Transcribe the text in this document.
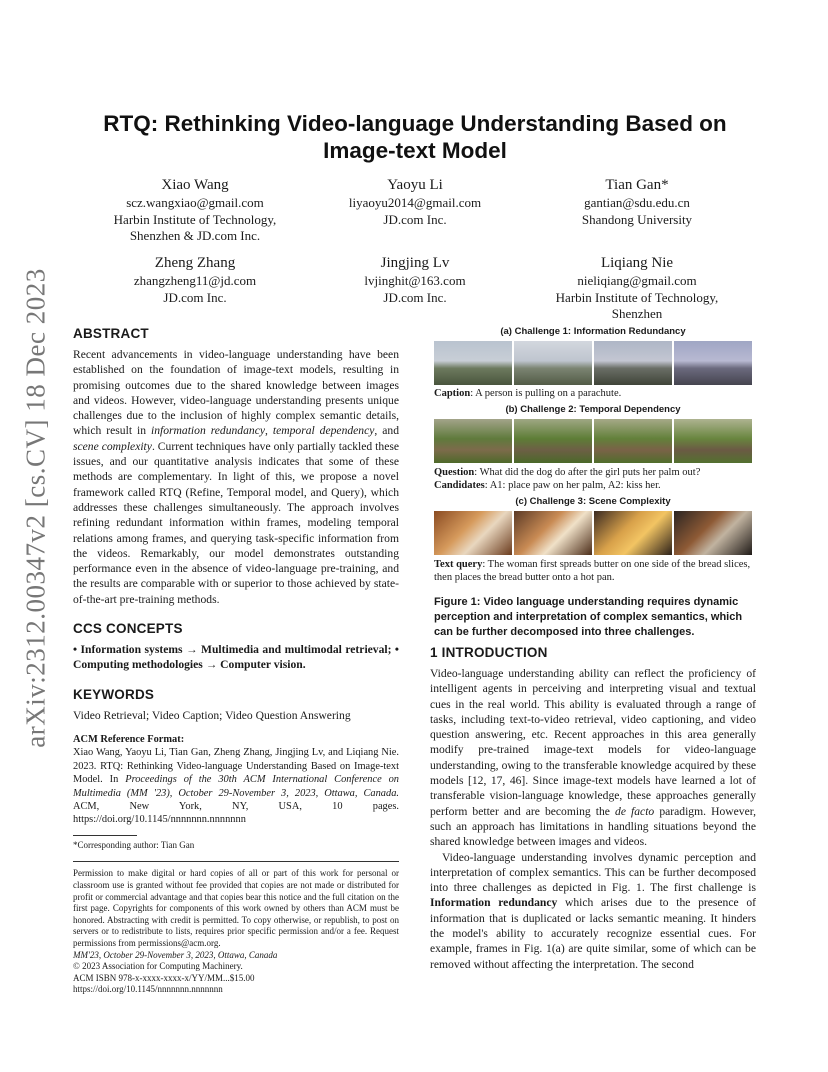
arXiv:2312.00347v2 [cs.CV] 18 Dec 2023
RTQ: Rethinking Video-language Understanding Based on
Image-text Model
Xiao Wang
scz.wangxiao@gmail.com
Harbin Institute of Technology,
Shenzhen & JD.com Inc.
Yaoyu Li
liyaoyu2014@gmail.com
JD.com Inc.
Tian Gan*
gantian@sdu.edu.cn
Shandong University
Zheng Zhang
zhangzheng11@jd.com
JD.com Inc.
Jingjing Lv
lvjinghit@163.com
JD.com Inc.
Liqiang Nie
nieliqiang@gmail.com
Harbin Institute of Technology,
Shenzhen
ABSTRACT
Recent advancements in video-language understanding have been established on the foundation of image-text models, resulting in promising outcomes due to the shared knowledge between images and videos. However, video-language understanding presents unique challenges due to the inclusion of highly complex semantic details, which result in information redundancy, temporal dependency, and scene complexity. Current techniques have only partially tackled these issues, and our quantitative analysis indicates that some of these methods are complementary. In light of this, we propose a novel framework called RTQ (Refine, Temporal model, and Query), which addresses these challenges simultaneously. The approach involves refining redundant information within frames, modeling temporal relations among frames, and querying task-specific information from the videos. Remarkably, our model demonstrates outstanding performance even in the absence of video-language pre-training, and the results are comparable with or superior to those achieved by state-of-the-art pre-training methods.
CCS CONCEPTS
• Information systems → Multimedia and multimodal retrieval; • Computing methodologies → Computer vision.
KEYWORDS
Video Retrieval; Video Caption; Video Question Answering
ACM Reference Format:
Xiao Wang, Yaoyu Li, Tian Gan, Zheng Zhang, Jingjing Lv, and Liqiang Nie. 2023. RTQ: Rethinking Video-language Understanding Based on Image-text Model. In Proceedings of the 30th ACM International Conference on Multimedia (MM '23), October 29-November 3, 2023, Ottawa, Canada. ACM, New York, NY, USA, 10 pages. https://doi.org/10.1145/nnnnnnn.nnnnnnn
*Corresponding author: Tian Gan
Permission to make digital or hard copies of all or part of this work for personal or classroom use is granted without fee provided that copies are not made or distributed for profit or commercial advantage and that copies bear this notice and the full citation on the first page. Copyrights for components of this work owned by others than ACM must be honored. Abstracting with credit is permitted. To copy otherwise, or republish, to post on servers or to redistribute to lists, requires prior specific permission and/or a fee. Request permissions from permissions@acm.org.
MM'23, October 29-November 3, 2023, Ottawa, Canada
© 2023 Association for Computing Machinery.
ACM ISBN 978-x-xxxx-xxxx-x/YY/MM...$15.00
https://doi.org/10.1145/nnnnnnn.nnnnnnn
(a) Challenge 1: Information Redundancy
Caption: A person is pulling on a parachute.
(b) Challenge 2: Temporal Dependency
Question: What did the dog do after the girl puts her palm out?
Candidates: A1: place paw on her palm, A2: kiss her.
(c) Challenge 3: Scene Complexity
Text query: The woman first spreads butter on one side of the bread slices, then places the bread butter onto a hot pan.
Figure 1: Video language understanding requires dynamic perception and interpretation of complex semantics, which can be further decomposed into three challenges.
1 INTRODUCTION
Video-language understanding ability can reflect the proficiency of intelligent agents in perceiving and interpreting visual and textual cues in the real world. This ability is evaluated through a range of tasks, including text-to-video retrieval, video captioning, and video question answering, etc. Recent approaches in this area generally modify pre-trained image-text models for video-language understanding, owing to the transferable knowledge acquired by these models [12, 17, 46]. Since image-text models have learned a lot of transferable vision-language knowledge, these approaches generally perform better and are becoming the de facto paradigm. However, such an approach has limitations in handling situations beyond the shared knowledge between images and videos.
Video-language understanding involves dynamic perception and interpretation of complex semantics. This can be further decomposed into three challenges as depicted in Fig. 1. The first challenge is Information redundancy which arises due to the presence of information that is duplicated or lacks semantic meaning. It hinders the model's ability to accurately recognize essential cues. For example, frames in Fig. 1(a) are quite similar, some of which can be removed without affecting the interpretation. The second
